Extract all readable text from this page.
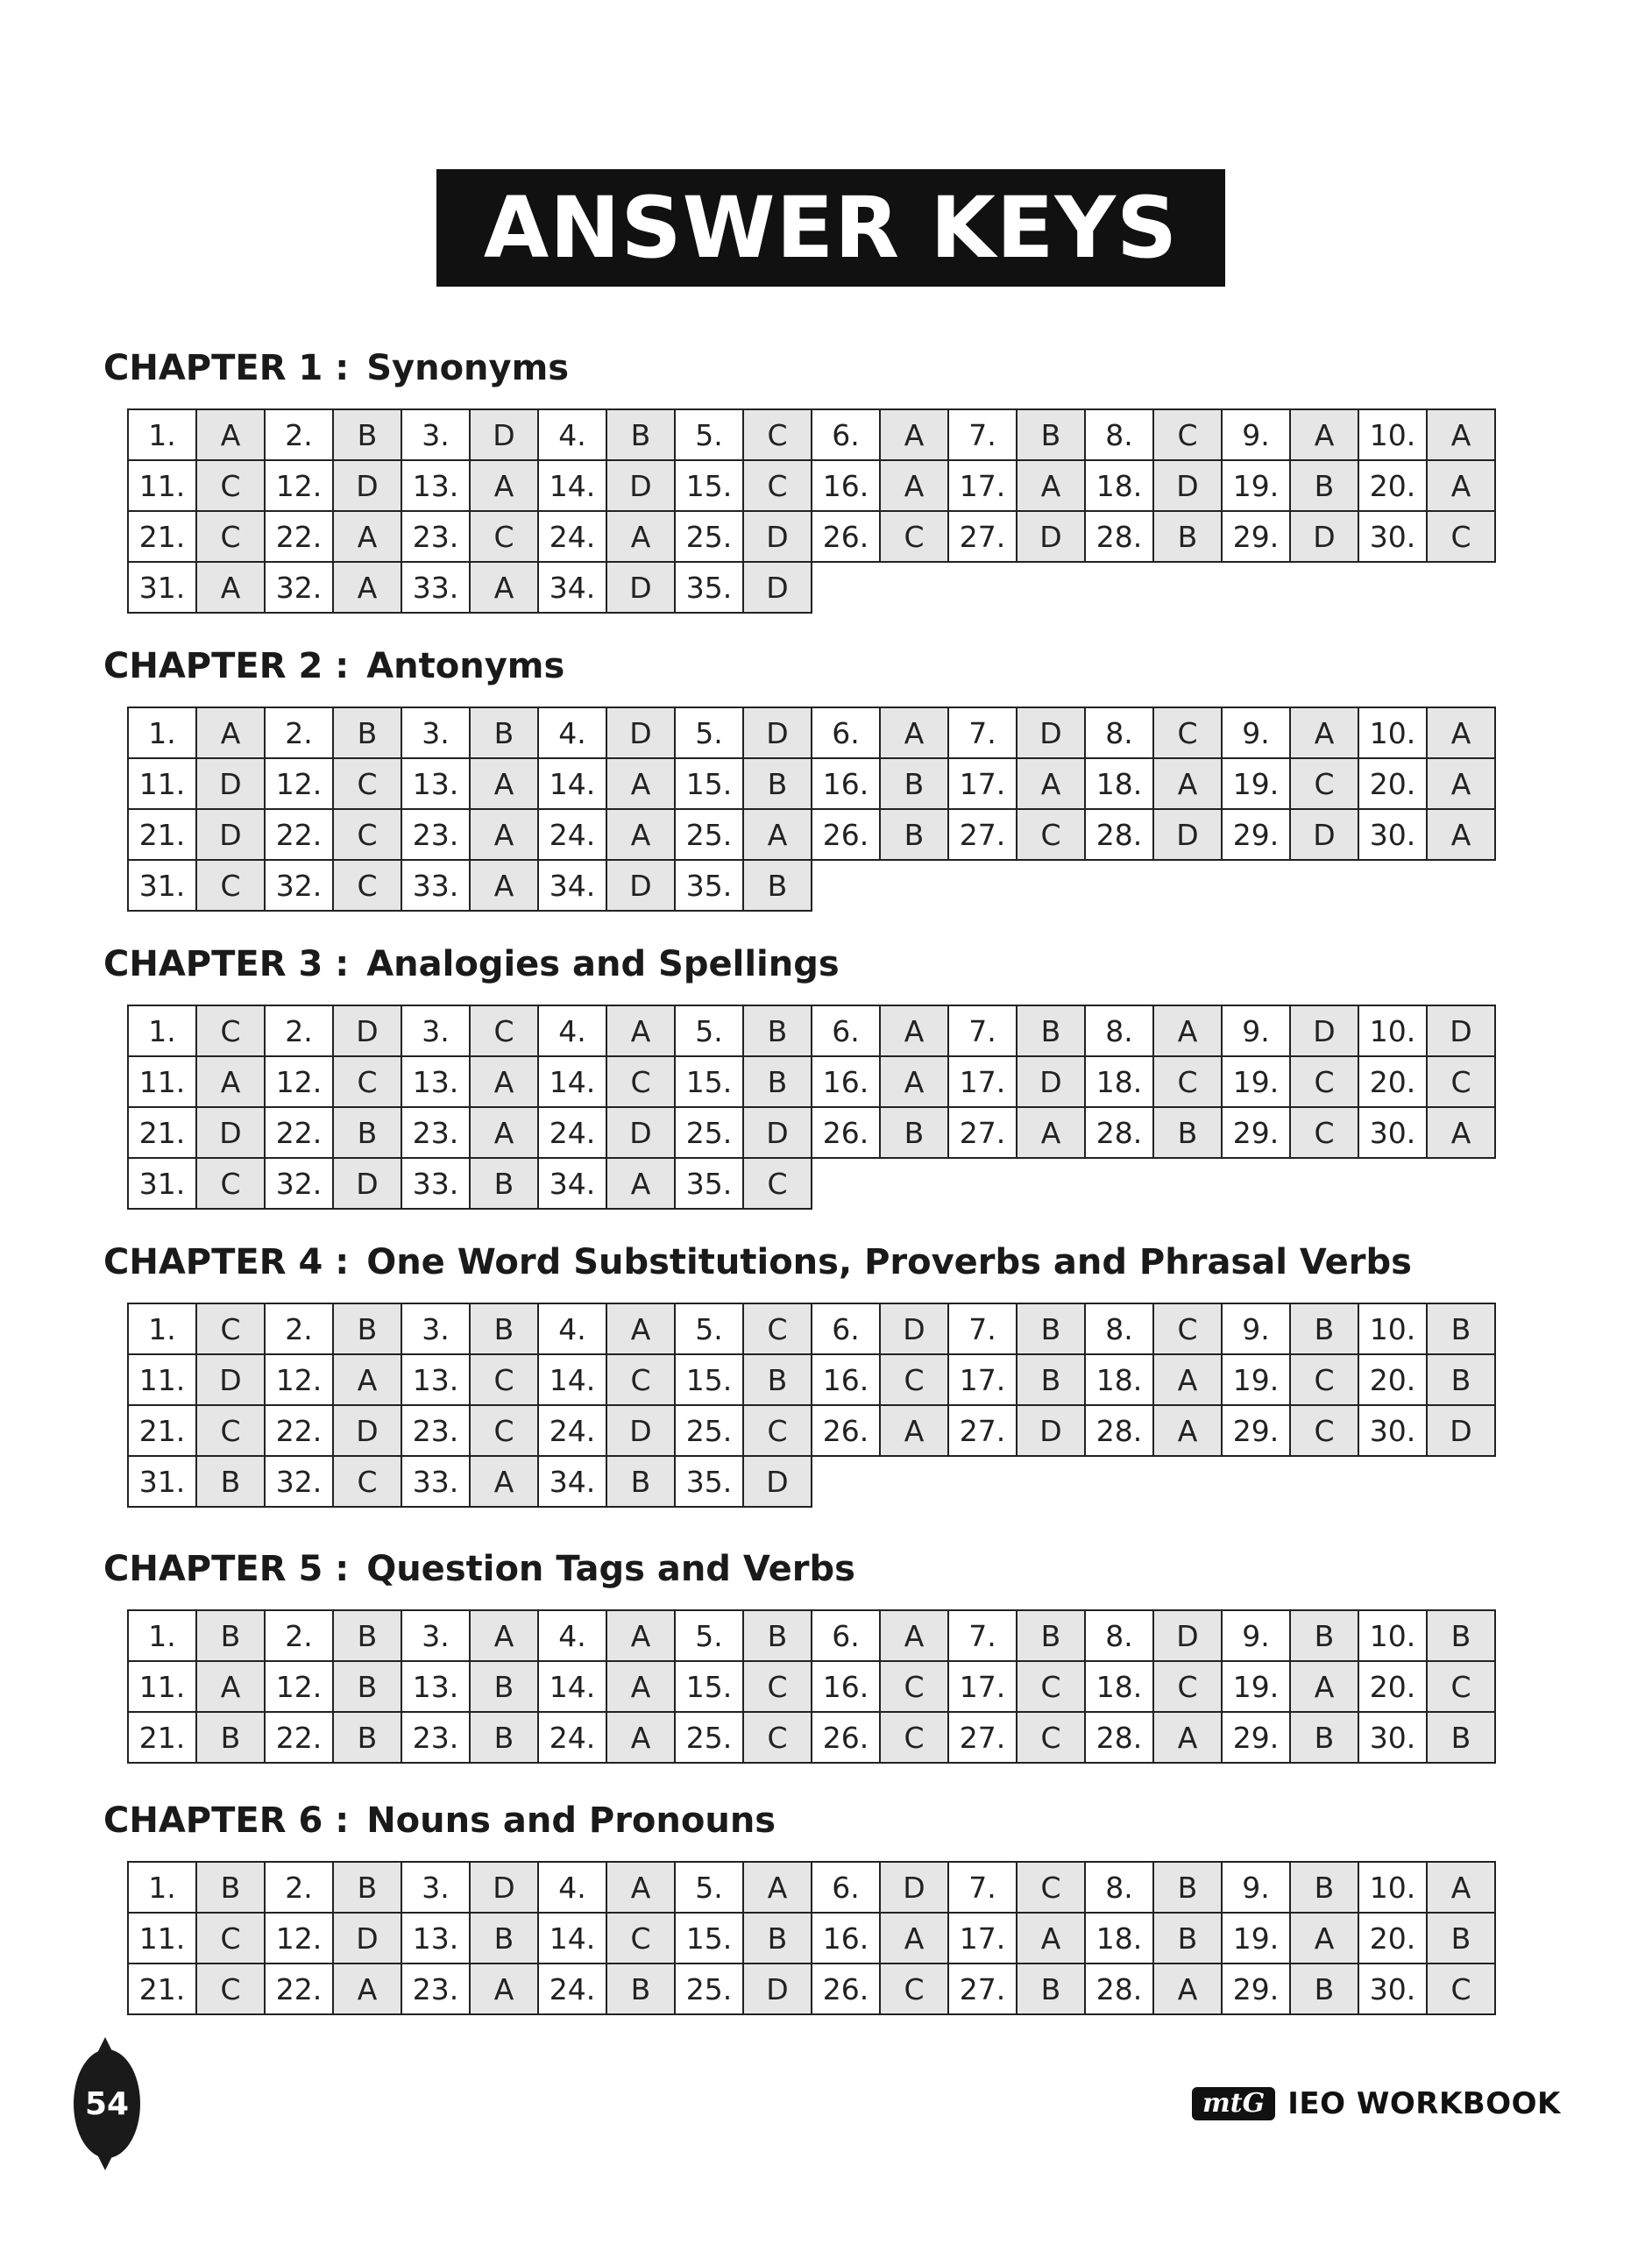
ANSWER KEYS
CHAPTER 1 : Synonyms
1.	A	2.	B	3.	D	4.	B	5.	C	6.	A	7.	B	8.	C	9.	A	10.	A
11.	C	12.	D	13.	A	14.	D	15.	C	16.	A	17.	A	18.	D	19.	B	20.	A
21.	C	22.	A	23.	C	24.	A	25.	D	26.	C	27.	D	28.	B	29.	D	30.	C
31.	A	32.	A	33.	A	34.	D	35.	D										
CHAPTER 2 : Antonyms
1.	A	2.	B	3.	B	4.	D	5.	D	6.	A	7.	D	8.	C	9.	A	10.	A
11.	D	12.	C	13.	A	14.	A	15.	B	16.	B	17.	A	18.	A	19.	C	20.	A
21.	D	22.	C	23.	A	24.	A	25.	A	26.	B	27.	C	28.	D	29.	D	30.	A
31.	C	32.	C	33.	A	34.	D	35.	B										
CHAPTER 3 : Analogies and Spellings
1.	C	2.	D	3.	C	4.	A	5.	B	6.	A	7.	B	8.	A	9.	D	10.	D
11.	A	12.	C	13.	A	14.	C	15.	B	16.	A	17.	D	18.	C	19.	C	20.	C
21.	D	22.	B	23.	A	24.	D	25.	D	26.	B	27.	A	28.	B	29.	C	30.	A
31.	C	32.	D	33.	B	34.	A	35.	C										
CHAPTER 4 : One Word Substitutions, Proverbs and Phrasal Verbs
1.	C	2.	B	3.	B	4.	A	5.	C	6.	D	7.	B	8.	C	9.	B	10.	B
11.	D	12.	A	13.	C	14.	C	15.	B	16.	C	17.	B	18.	A	19.	C	20.	B
21.	C	22.	D	23.	C	24.	D	25.	C	26.	A	27.	D	28.	A	29.	C	30.	D
31.	B	32.	C	33.	A	34.	B	35.	D										
CHAPTER 5 : Question Tags and Verbs
1.	B	2.	B	3.	A	4.	A	5.	B	6.	A	7.	B	8.	D	9.	B	10.	B
11.	A	12.	B	13.	B	14.	A	15.	C	16.	C	17.	C	18.	C	19.	A	20.	C
21.	B	22.	B	23.	B	24.	A	25.	C	26.	C	27.	C	28.	A	29.	B	30.	B
CHAPTER 6 : Nouns and Pronouns
1.	B	2.	B	3.	D	4.	A	5.	A	6.	D	7.	C	8.	B	9.	B	10.	A
11.	C	12.	D	13.	B	14.	C	15.	B	16.	A	17.	A	18.	B	19.	A	20.	B
21.	C	22.	A	23.	A	24.	B	25.	D	26.	C	27.	B	28.	A	29.	B	30.	C
54	mtG IEO WORKBOOK
